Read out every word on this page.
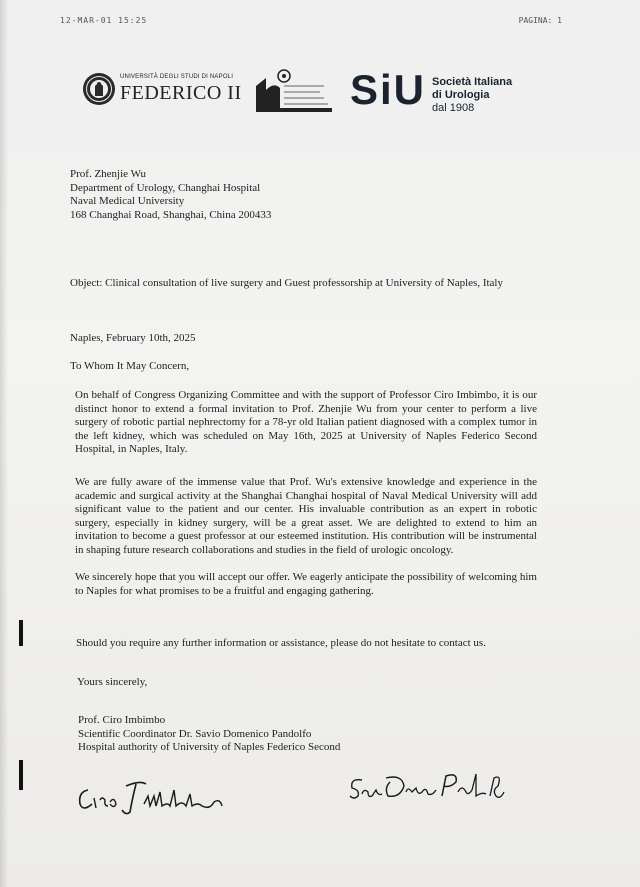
12-MAR-01 15:25	PAGINA: 1
UNIVERSITÀ DEGLI STUDI DI NAPOLI
FEDERICO II	SiU Società Italiana
di Urologia
dal 1908
Prof. Zhenjie Wu
Department of Urology, Changhai Hospital
Naval Medical University
168 Changhai Road, Shanghai, China 200433
Object: Clinical consultation of live surgery and Guest professorship at University of Naples, Italy
Naples, February 10th, 2025
To Whom It May Concern,
On behalf of Congress Organizing Committee and with the support of Professor Ciro Imbimbo, it is our distinct honor to extend a formal invitation to Prof. Zhenjie Wu from your center to perform a live surgery of robotic partial nephrectomy for a 78-yr old Italian patient diagnosed with a complex tumor in the left kidney, which was scheduled on May 16th, 2025 at University of Naples Federico Second Hospital, in Naples, Italy.
We are fully aware of the immense value that Prof. Wu's extensive knowledge and experience in the academic and surgical activity at the Shanghai Changhai hospital of Naval Medical University will add significant value to the patient and our center. His invaluable contribution as an expert in robotic surgery, especially in kidney surgery, will be a great asset. We are delighted to extend to him an invitation to become a guest professor at our esteemed institution. His contribution will be instrumental in shaping future research collaborations and studies in the field of urologic oncology.
We sincerely hope that you will accept our offer. We eagerly anticipate the possibility of welcoming him to Naples for what promises to be a fruitful and engaging gathering.
Should you require any further information or assistance, please do not hesitate to contact us.
Yours sincerely,
Prof. Ciro Imbimbo
Scientific Coordinator Dr. Savio Domenico Pandolfo
Hospital authority of University of Naples Federico Second
